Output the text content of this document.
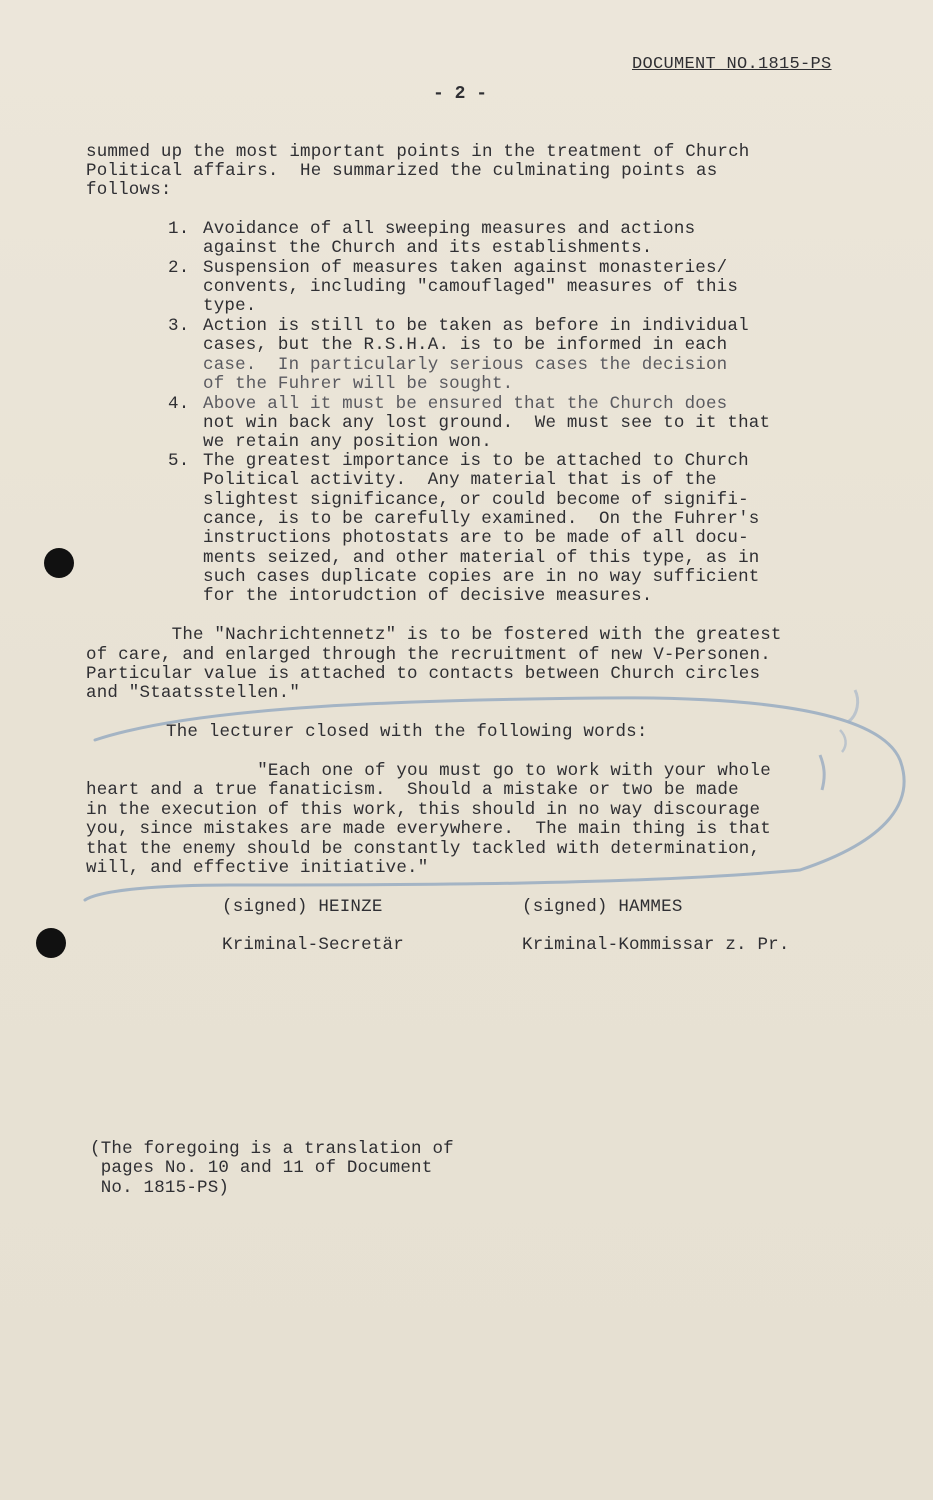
DOCUMENT NO.1815-PS
- 2 -
summed up the most important points in the treatment of Church
Political affairs.  He summarized the culminating points as
follows:
1. Avoidance of all sweeping measures and actions
against the Church and its establishments.
2. Suspension of measures taken against monasteries/
convents, including "camouflaged" measures of this
type.
3. Action is still to be taken as before in individual
cases, but the R.S.H.A. is to be informed in each
case.  In particularly serious cases the decision
of the Fuhrer will be sought.
4. Above all it must be ensured that the Church does
not win back any lost ground.  We must see to it that
we retain any position won.
5. The greatest importance is to be attached to Church
Political activity.  Any material that is of the
slightest significance, or could become of signifi-
cance, is to be carefully examined.  On the Fuhrer's
instructions photostats are to be made of all docu-
ments seized, and other material of this type, as in
such cases duplicate copies are in no way sufficient
for the intorudction of decisive measures.
The "Nachrichtennetz" is to be fostered with the greatest
of care, and enlarged through the recruitment of new V-Personen.
Particular value is attached to contacts between Church circles
and "Staatsstellen."
The lecturer closed with the following words:
"Each one of you must go to work with your whole
heart and a true fanaticism.  Should a mistake or two be made
in the execution of this work, this should in no way discourage
you, since mistakes are made everywhere.  The main thing is that
that the enemy should be constantly tackled with determination,
will, and effective initiative."
(signed) HEINZE
Kriminal-Secretär
(signed) HAMMES
Kriminal-Kommissar z. Pr.
(The foregoing is a translation of
pages No. 10 and 11 of Document
No. 1815-PS)
